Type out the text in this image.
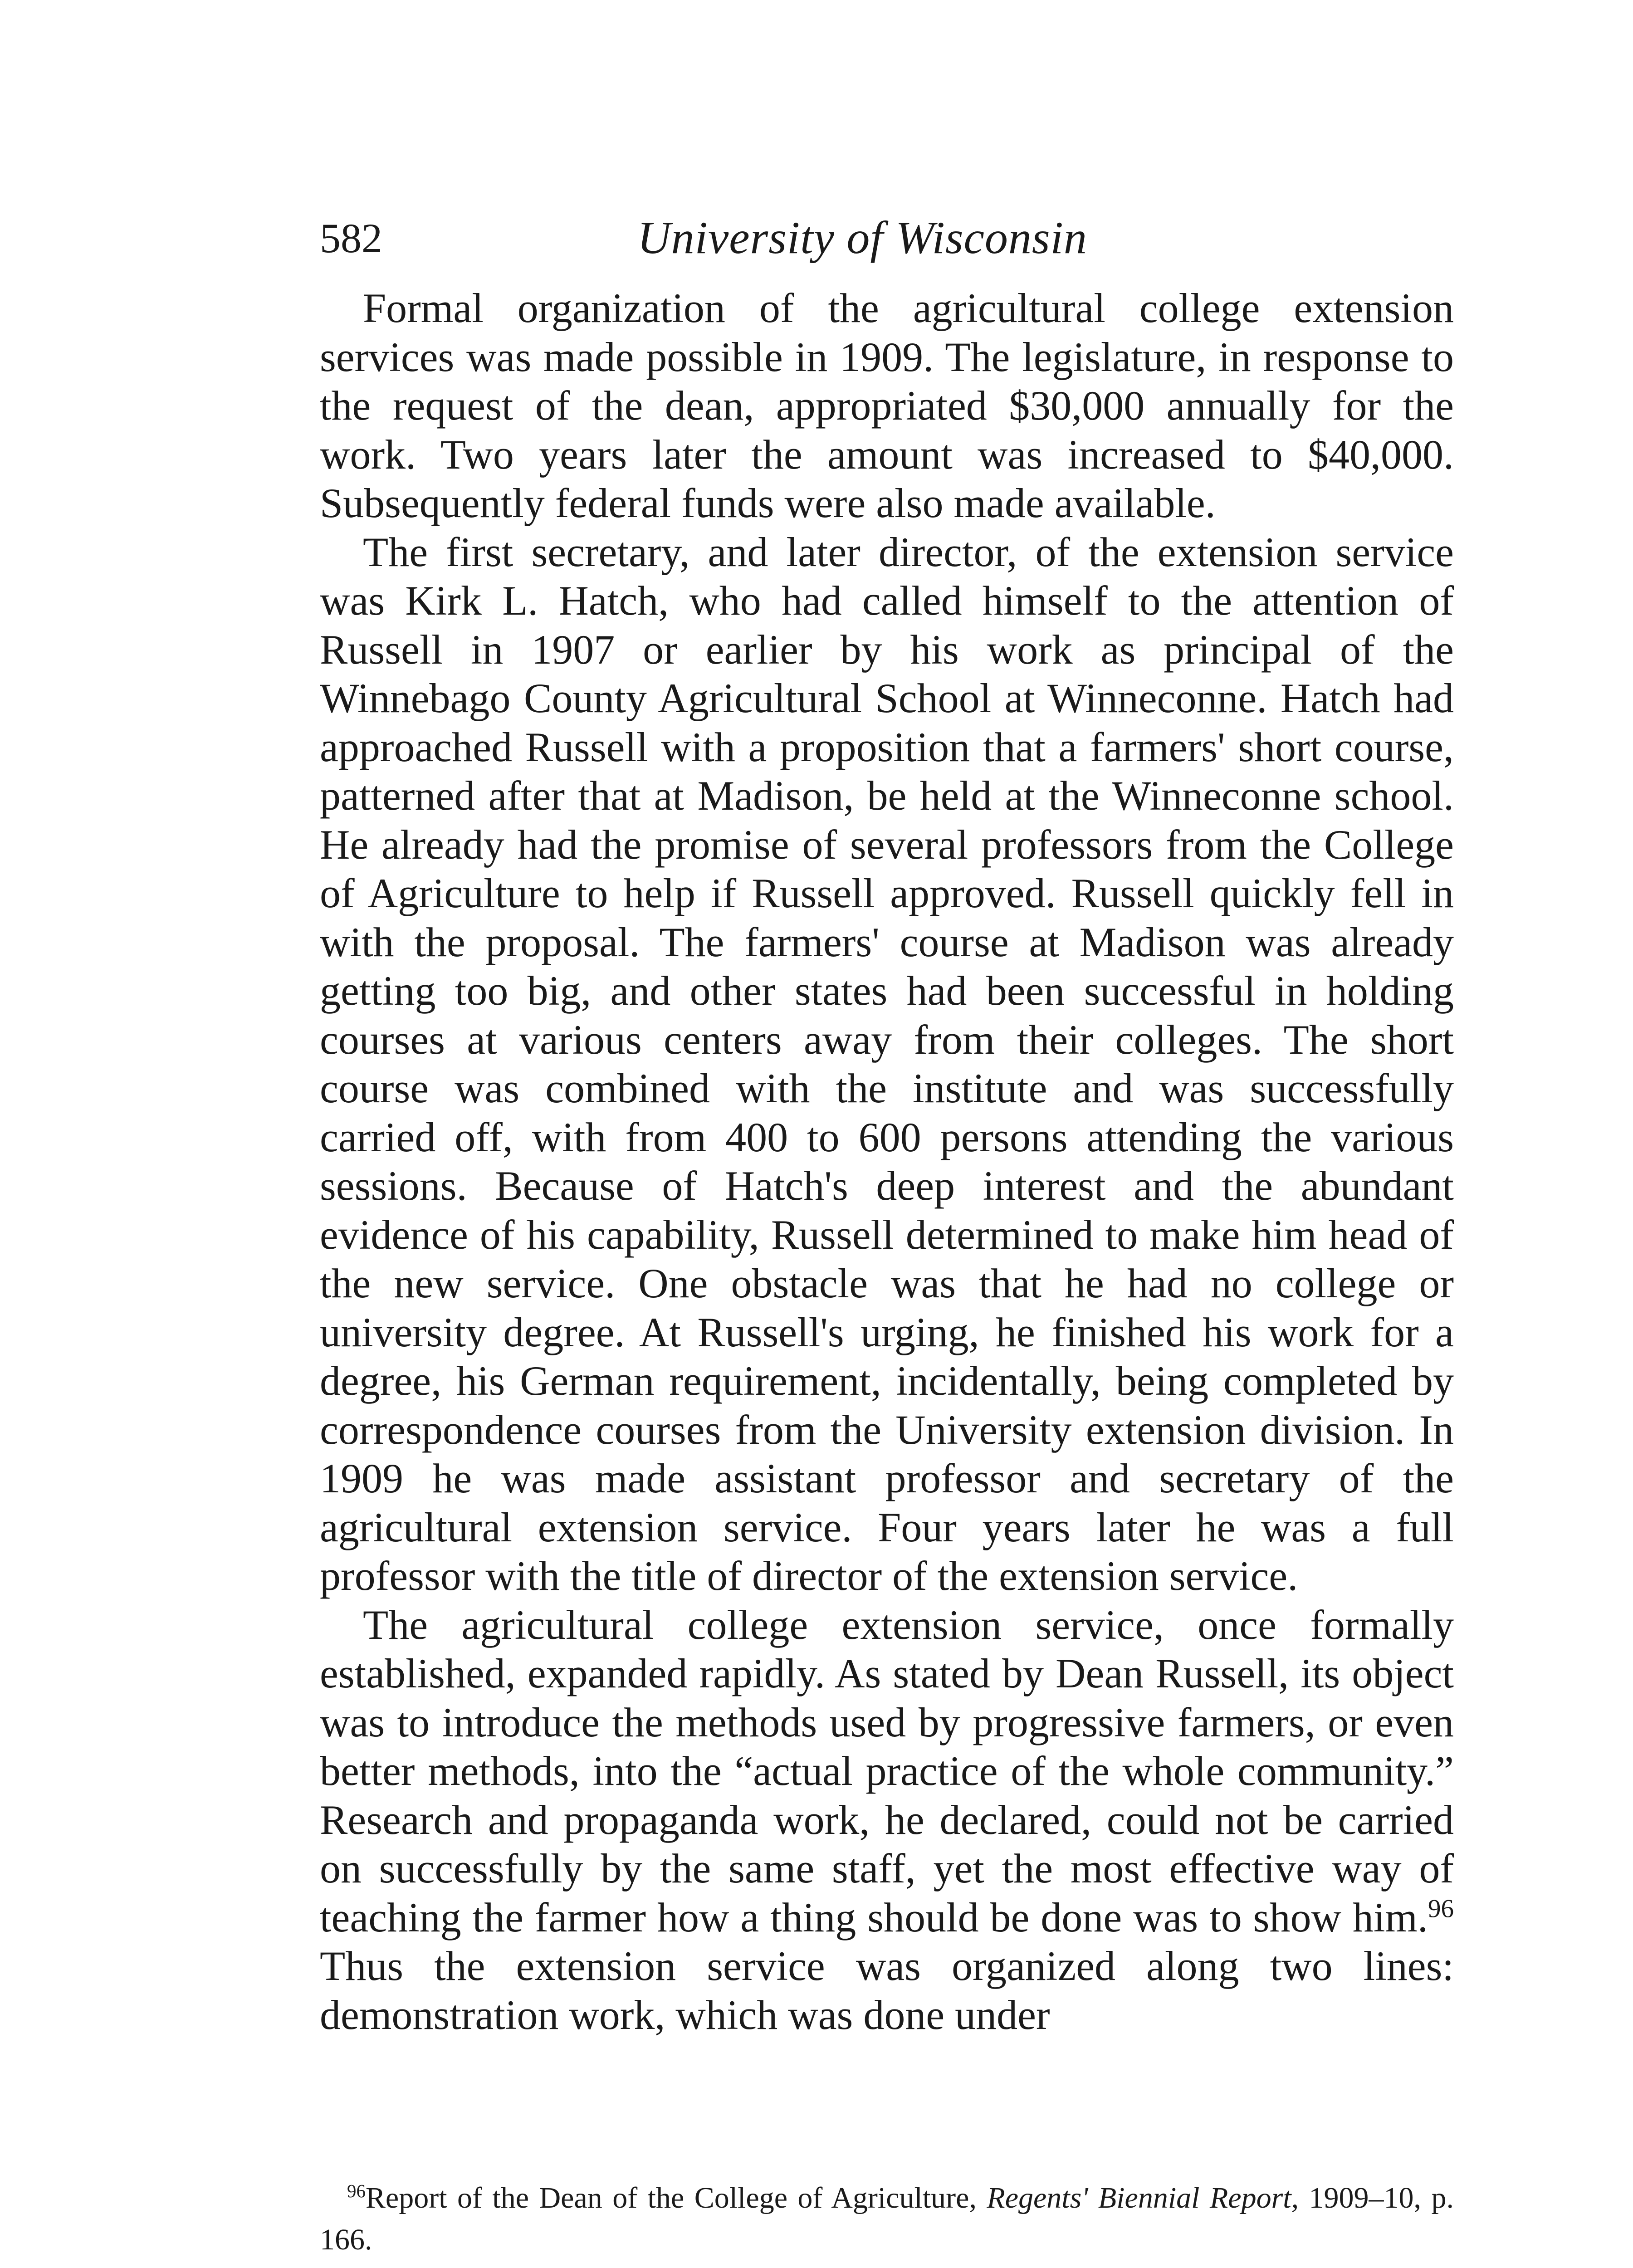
582	University of Wisconsin

Formal organization of the agricultural college extension services was made possible in 1909. The legislature, in response to the request of the dean, appropriated $30,000 annually for the work. Two years later the amount was increased to $40,000. Subsequently federal funds were also made available.

The first secretary, and later director, of the extension service was Kirk L. Hatch, who had called himself to the attention of Russell in 1907 or earlier by his work as principal of the Winnebago County Agricultural School at Winneconne. Hatch had approached Russell with a proposition that a farmers' short course, patterned after that at Madison, be held at the Winneconne school. He already had the promise of several professors from the College of Agriculture to help if Russell approved. Russell quickly fell in with the proposal. The farmers' course at Madison was already getting too big, and other states had been successful in holding courses at various centers away from their colleges. The short course was combined with the institute and was successfully carried off, with from 400 to 600 persons attending the various sessions. Because of Hatch's deep interest and the abundant evidence of his capability, Russell determined to make him head of the new service. One obstacle was that he had no college or university degree. At Russell's urging, he finished his work for a degree, his German requirement, incidentally, being completed by correspondence courses from the University extension division. In 1909 he was made assistant professor and secretary of the agricultural extension service. Four years later he was a full professor with the title of director of the extension service.

The agricultural college extension service, once formally established, expanded rapidly. As stated by Dean Russell, its object was to introduce the methods used by progressive farmers, or even better methods, into the “actual practice of the whole community.” Research and propaganda work, he declared, could not be carried on successfully by the same staff, yet the most effective way of teaching the farmer how a thing should be done was to show him.$^{96}$ Thus the extension service was organized along two lines: demonstration work, which was done under

$^{96}$Report of the Dean of the College of Agriculture, Regents' Biennial Report, 1909–10, p. 166.
